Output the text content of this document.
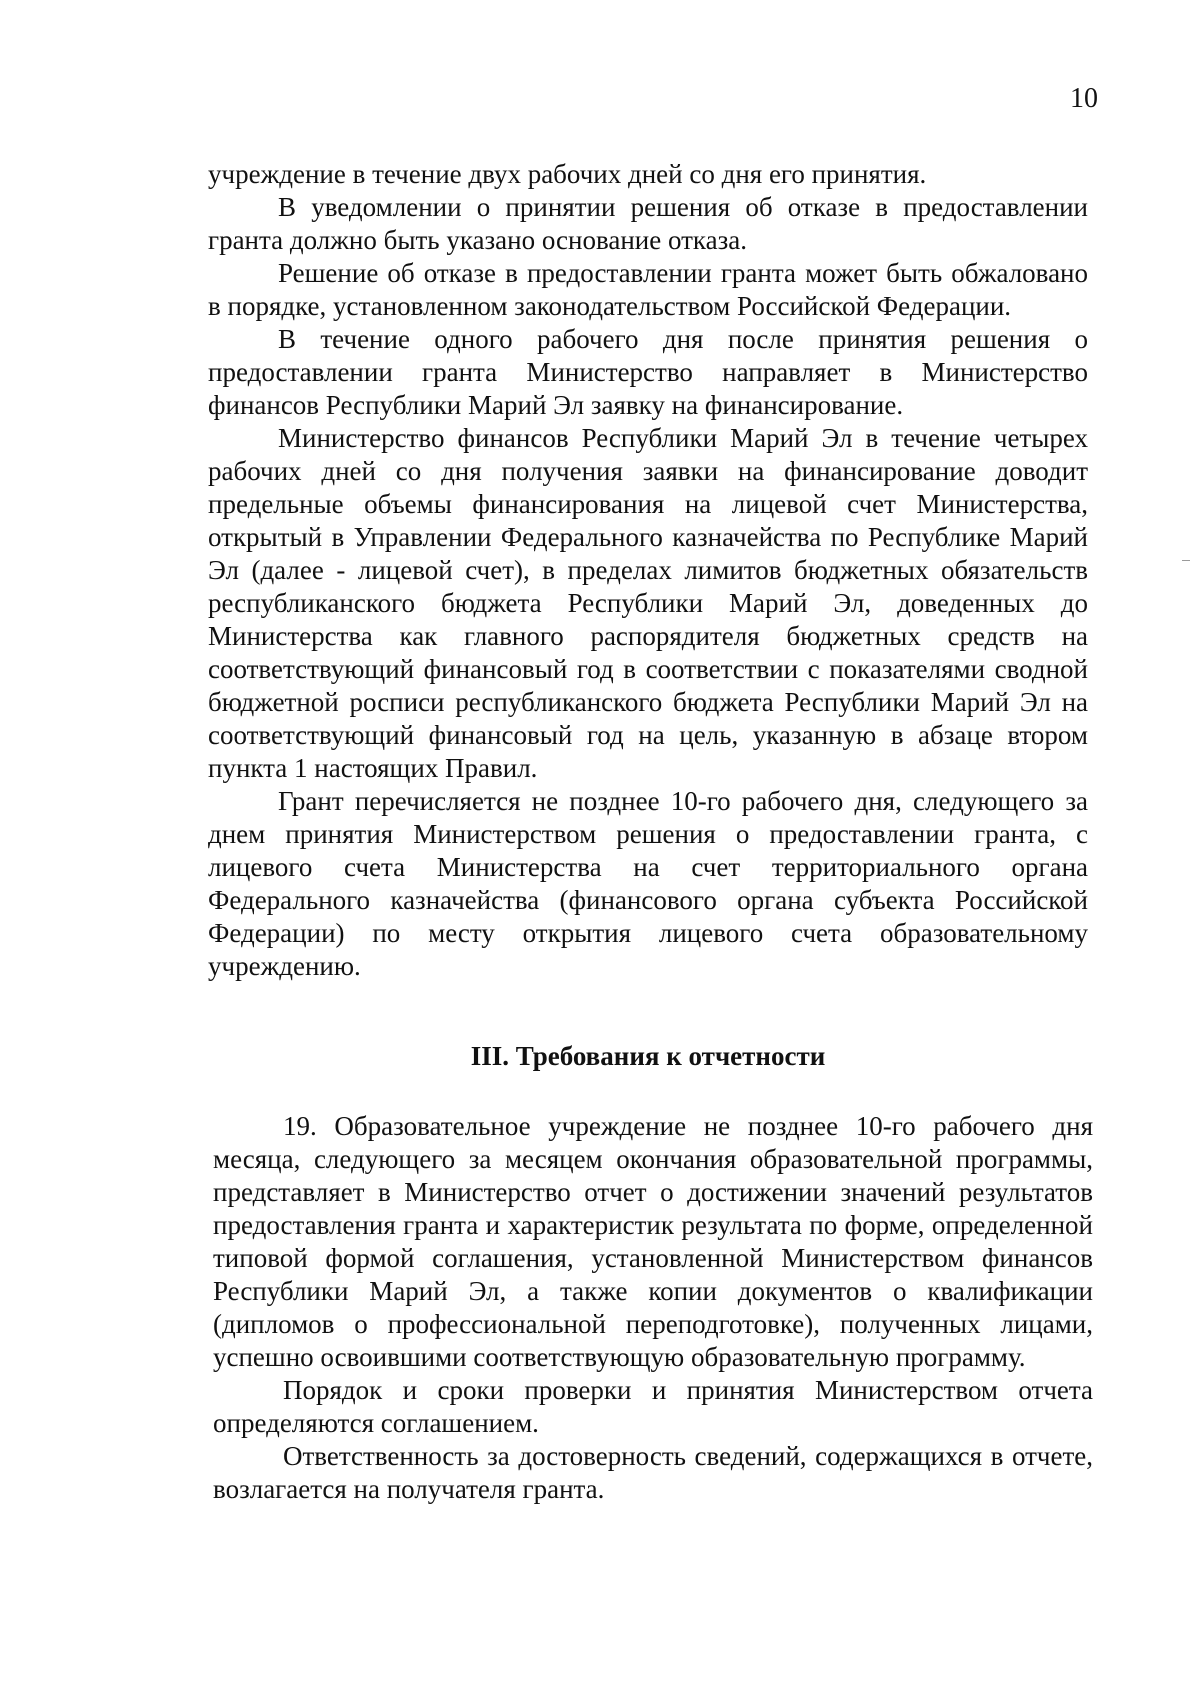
10

учреждение в течение двух рабочих дней со дня его принятия.

В уведомлении о принятии решения об отказе в предоставлении гранта должно быть указано основание отказа.

Решение об отказе в предоставлении гранта может быть обжаловано в порядке, установленном законодательством Российской Федерации.

В течение одного рабочего дня после принятия решения о предоставлении гранта Министерство направляет в Министерство финансов Республики Марий Эл заявку на финансирование.

Министерство финансов Республики Марий Эл в течение четырех рабочих дней со дня получения заявки на финансирование доводит предельные объемы финансирования на лицевой счет Министерства, открытый в Управлении Федерального казначейства по Республике Марий Эл (далее - лицевой счет), в пределах лимитов бюджетных обязательств республиканского бюджета Республики Марий Эл, доведенных до Министерства как главного распорядителя бюджетных средств на соответствующий финансовый год в соответствии с показателями сводной бюджетной росписи республиканского бюджета Республики Марий Эл на соответствующий финансовый год на цель, указанную в абзаце втором пункта 1 настоящих Правил.

Грант перечисляется не позднее 10-го рабочего дня, следующего за днем принятия Министерством решения о предоставлении гранта, с лицевого счета Министерства на счет территориального органа Федерального казначейства (финансового органа субъекта Российской Федерации) по месту открытия лицевого счета образовательному учреждению.

III. Требования к отчетности

19. Образовательное учреждение не позднее 10-го рабочего дня месяца, следующего за месяцем окончания образовательной программы, представляет в Министерство отчет о достижении значений результатов предоставления гранта и характеристик результата по форме, определенной типовой формой соглашения, установленной Министерством финансов Республики Марий Эл, а также копии документов о квалификации (дипломов о профессиональной переподготовке), полученных лицами, успешно освоившими соответствующую образовательную программу.

Порядок и сроки проверки и принятия Министерством отчета определяются соглашением.

Ответственность за достоверность сведений, содержащихся в отчете, возлагается на получателя гранта.
